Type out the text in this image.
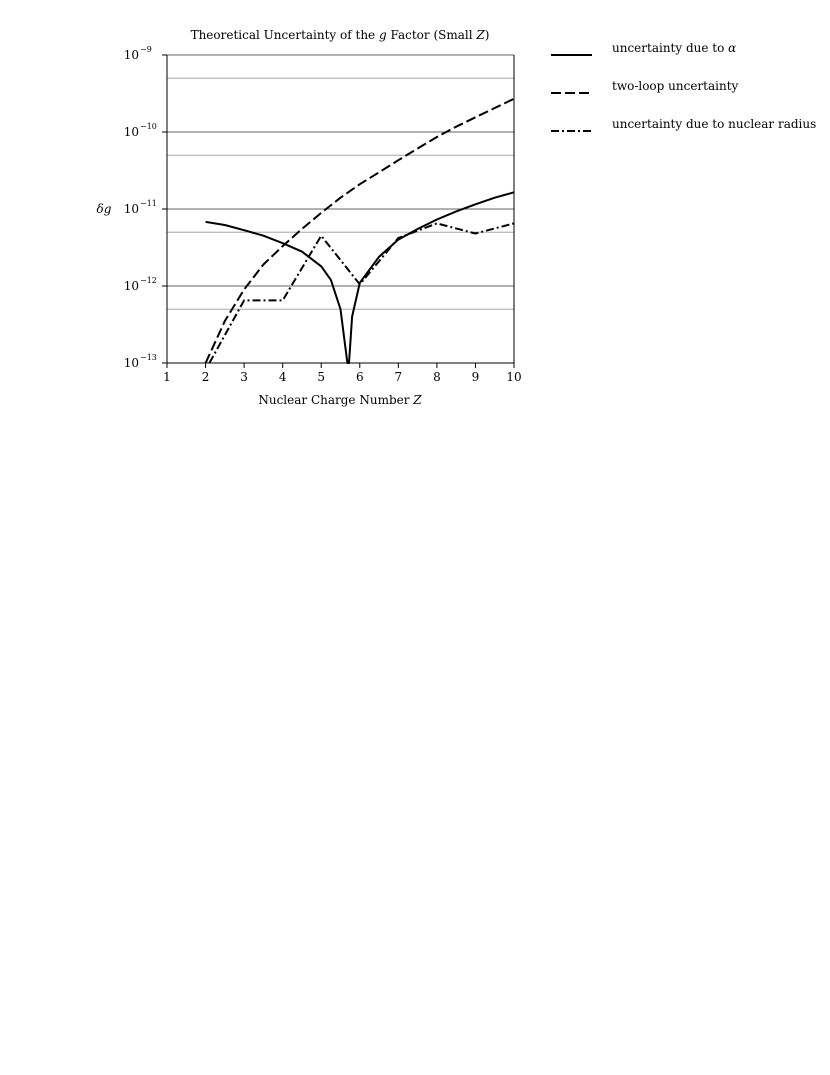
1	2	3	4	5	6	7	8	9 10
10 −13
10 −12
10 −11
10 −10
10 −9
Theoretical Uncertainty of the g Factor (Small Z)
Nuclear Charge Number Z
δg
uncertainty due to α
two-loop uncertainty
uncertainty due to nuclear radius
